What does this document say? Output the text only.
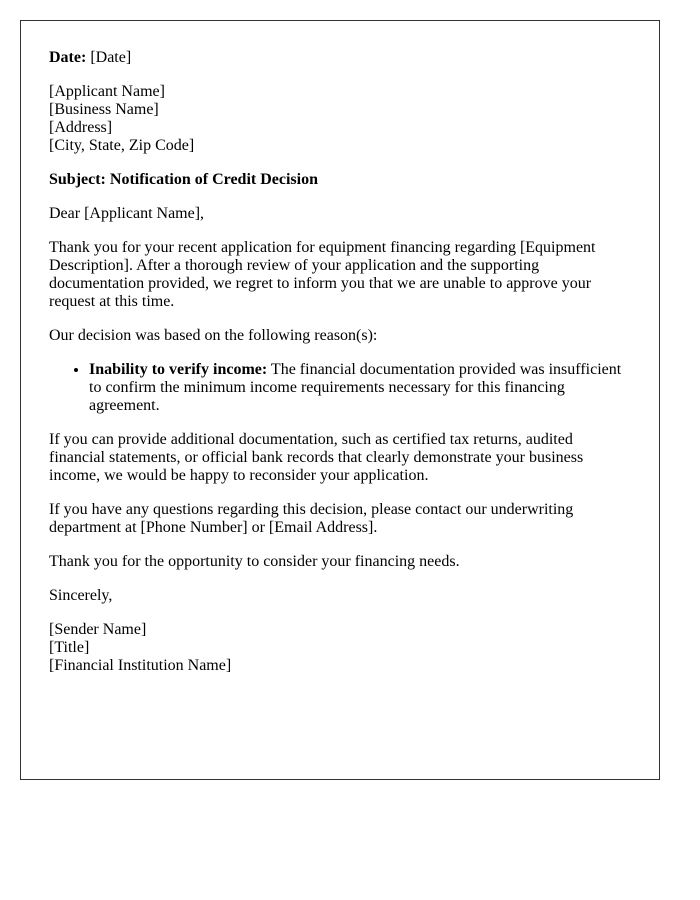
Date: [Date]
[Applicant Name]
[Business Name]
[Address]
[City, State, Zip Code]
Subject: Notification of Credit Decision
Dear [Applicant Name],
Thank you for your recent application for equipment financing regarding [Equipment Description]. After a thorough review of your application and the supporting documentation provided, we regret to inform you that we are unable to approve your request at this time.
Our decision was based on the following reason(s):
• Inability to verify income: The financial documentation provided was insufficient to confirm the minimum income requirements necessary for this financing agreement.
If you can provide additional documentation, such as certified tax returns, audited financial statements, or official bank records that clearly demonstrate your business income, we would be happy to reconsider your application.
If you have any questions regarding this decision, please contact our underwriting department at [Phone Number] or [Email Address].
Thank you for the opportunity to consider your financing needs.
Sincerely,
[Sender Name]
[Title]
[Financial Institution Name]
